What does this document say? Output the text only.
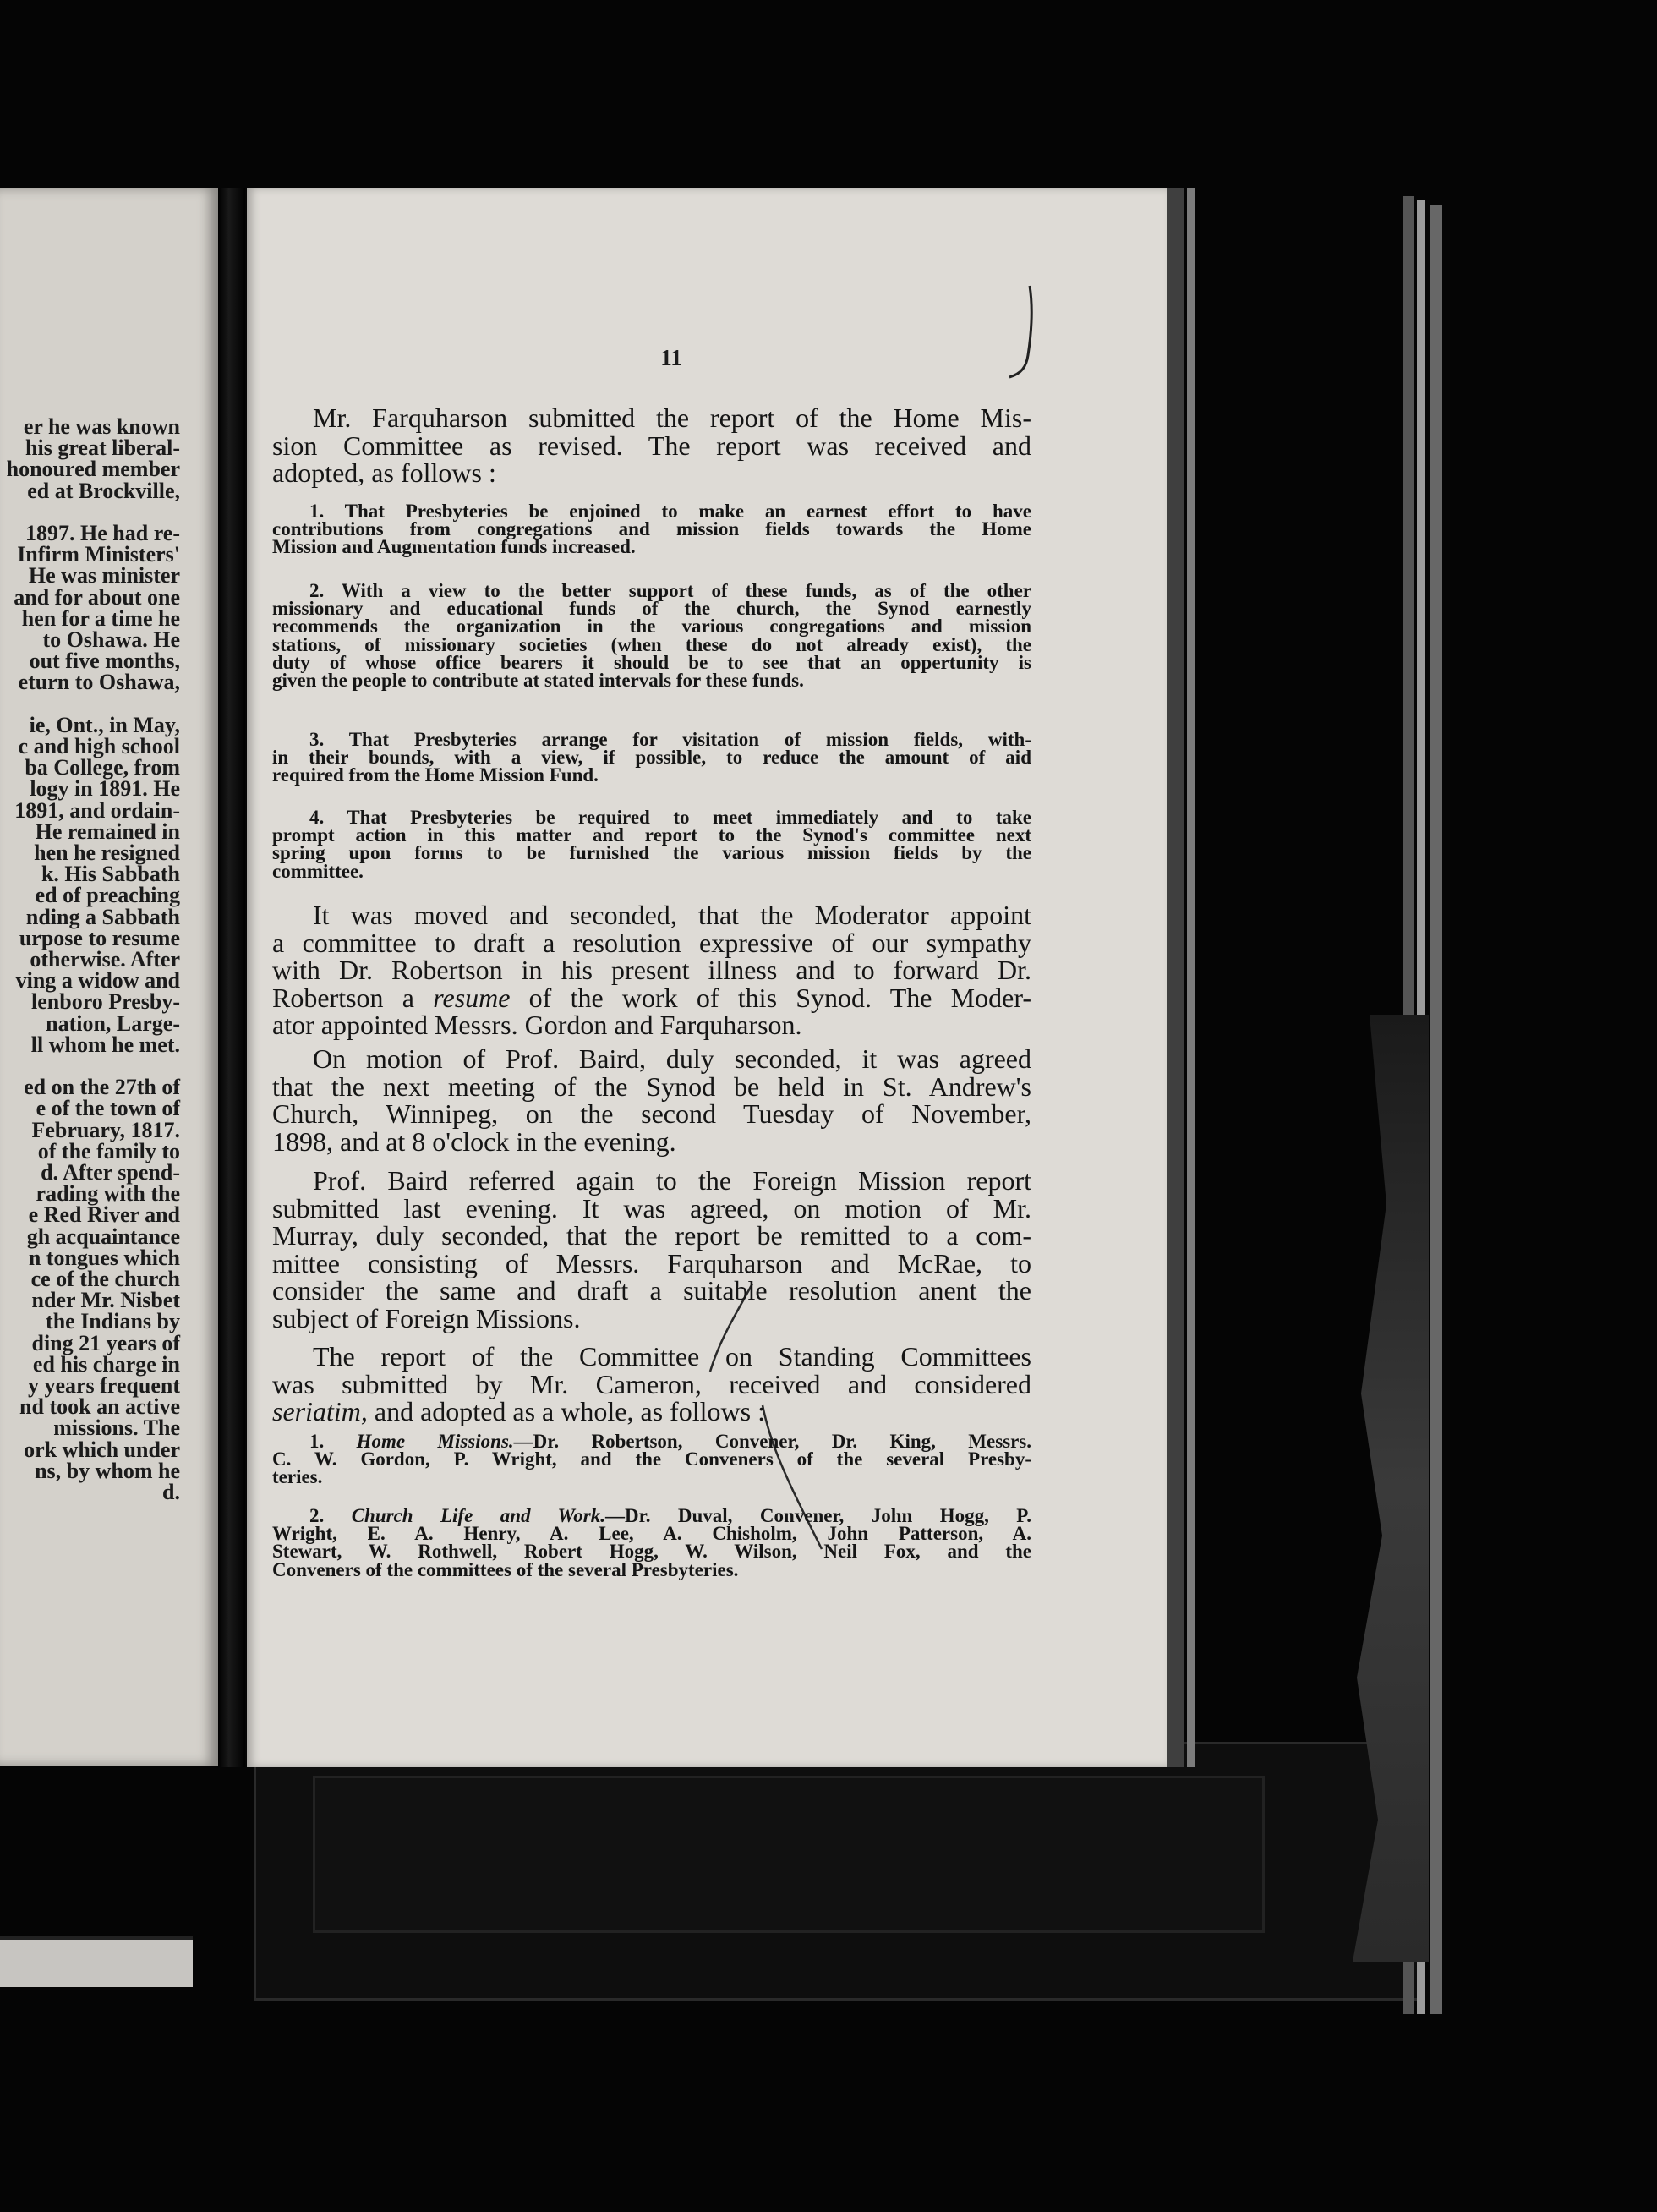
er he was known
his great liberal-
honoured member
ed at Brockville,

1897. He had re-
Infirm Ministers'
He was minister
and for about one
hen for a time he
to Oshawa. He
out five months,
eturn to Oshawa,

ie, Ont., in May,
c and high school
ba College, from
logy in 1891. He
1891, and ordain-
He remained in
hen he resigned
k. His Sabbath
ed of preaching
nding a Sabbath
urpose to resume
otherwise. After
ving a widow and
lenboro Presby-
nation, Large-
ll whom he met.

ed on the 27th of
e of the town of
February, 1817.
of the family to
d. After spend-
rading with the
e Red River and
gh acquaintance
n tongues which
ce of the church
nder Mr. Nisbet
the Indians by
ding 21 years of
ed his charge in
y years frequent
nd took an active
missions. The
ork which under
ns, by whom he
d.
11
Mr. Farquharson submitted the report of the Home Mis-
sion Committee as revised. The report was received and
adopted, as follows :
1. That Presbyteries be enjoined to make an earnest effort to have
contributions from congregations and mission fields towards the Home
Mission and Augmentation funds increased.
2. With a view to the better support of these funds, as of the other
missionary and educational funds of the church, the Synod earnestly
recommends the organization in the various congregations and mission
stations, of missionary societies (when these do not already exist), the
duty of whose office bearers it should be to see that an oppertunity is
given the people to contribute at stated intervals for these funds.
3. That Presbyteries arrange for visitation of mission fields, with-
in their bounds, with a view, if possible, to reduce the amount of aid
required from the Home Mission Fund.
4. That Presbyteries be required to meet immediately and to take
prompt action in this matter and report to the Synod's committee next
spring upon forms to be furnished the various mission fields by the
committee.
It was moved and seconded, that the Moderator appoint
a committee to draft a resolution expressive of our sympathy
with Dr. Robertson in his present illness and to forward Dr.
Robertson a resume of the work of this Synod. The Moder-
ator appointed Messrs. Gordon and Farquharson.
On motion of Prof. Baird, duly seconded, it was agreed
that the next meeting of the Synod be held in St. Andrew's
Church, Winnipeg, on the second Tuesday of November,
1898, and at 8 o'clock in the evening.
Prof. Baird referred again to the Foreign Mission report
submitted last evening. It was agreed, on motion of Mr.
Murray, duly seconded, that the report be remitted to a com-
mittee consisting of Messrs. Farquharson and McRae, to
consider the same and draft a suitable resolution anent the
subject of Foreign Missions.
The report of the Committee on Standing Committees
was submitted by Mr. Cameron, received and considered
seriatim, and adopted as a whole, as follows :
1. Home Missions.—Dr. Robertson, Convener, Dr. King, Messrs.
C. W. Gordon, P. Wright, and the Conveners of the several Presby-
teries.
2. Church Life and Work.—Dr. Duval, Convener, John Hogg, P.
Wright, E. A. Henry, A. Lee, A. Chisholm, John Patterson, A.
Stewart, W. Rothwell, Robert Hogg, W. Wilson, Neil Fox, and the
Conveners of the committees of the several Presbyteries.
